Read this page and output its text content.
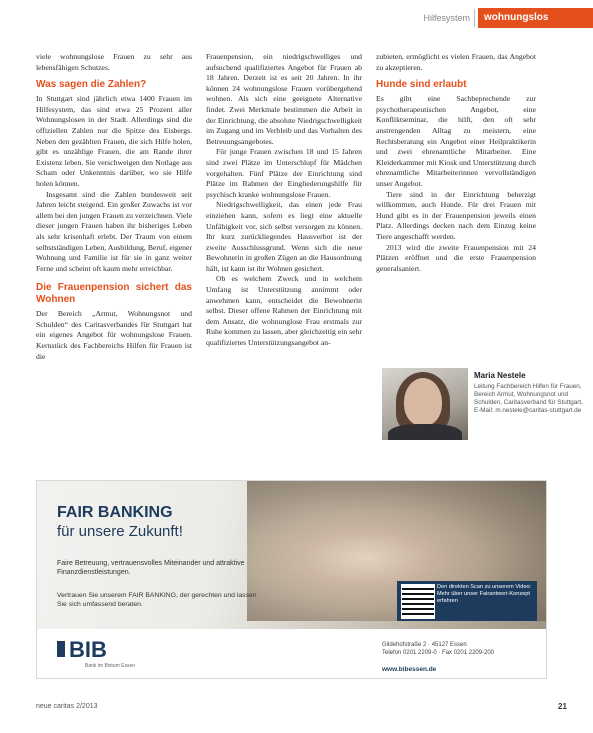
Hilfesystem	wohnungslos

viele wohnungslose Frauen zu sehr aus lebensfähigen Schutzes.

Was sagen die Zahlen?

In Stuttgart sind jährlich etwa 1400 Frauen im Hilfesystem, das sind etwa 25 Prozent aller Wohnungslosen in der Stadt. Allerdings sind die offiziellen Zahlen nur die Spitze des Eisbergs. Neben den gezählten Frauen, die sich Hilfe holen, gibt es unzählige Frauen, die am Rande ihrer Existenz leben. Sie verschweigen den Notlage aus Scham oder Unkenntnis darüber, wo sie Hilfe holen können.

Insgesamt sind die Zahlen bundesweit seit Jahren leicht steigend. Ein großer Zuwachs ist vor allem bei den jungen Frauen zu verzeichnen. Viele dieser jungen Frauen haben ihr bisheriges Leben als sehr krisenhaft erlebt. Der Traum von einem selbstständigen Leben, Ausbildung, Beruf, eigener Wohnung und Familie ist für sie in ganz weiter Ferne und scheint oft kaum mehr erreichbar.

Die Frauenpension sichert das Wohnen

Der Bereich „Armut, Wohnungsnot und Schulden“ des Caritasverbandes für Stuttgart hat ein eigenes Angebot für wohnungslose Frauen. Kernstück des Fachbereichs Hilfen für Frauen ist die

Frauenpension, ein niedrigschwelliges und aufsuchend qualifiziertes Angebot für Frauen ab 18 Jahren. Derzeit ist es seit 20 Jahren. In ihr können 24 wohnungslose Frauen vorübergehend wohnen. Als sich eine geeignete Alternative findet. Zwei Merkmale bestimmen die Arbeit in der Einrichtung, die absolute Niedrigschwelligkeit im Zugang und im Verbleib und das Vorhalten des Betreuungsangebotes.

Für junge Frauen zwischen 18 und 15 Jahren sind zwei Plätze im Unterschlupf für Mädchen vorgehalten. Fünf Plätze der Einrichtung sind Plätze im Rahmen der Eingliederungshilfe für psychisch kranke wohnungslose Frauen.

Niedrigschwelligkeit, das einen jede Frau einziehen kann, sofern es liegt eine aktuelle Unfähigkeit vor, sich selbst versorgen zu können. Ihr kurz zurückliegendes Hausverbot ist der zweite Ausschlussgrund. Wenn sich die neue Bewohnerin in großen Zügen an die Hausordnung hält, ist kann ist ihr Wohnen gesichert.

Ob es welchem Zweck und in welchem Umfang ist Unterstützung annimmt oder anwehmen kann, entscheidet die Bewohnerin selbst. Dieser offene Rahmen der Einrichtung mit dem Ansatz, die wohnunglose Frau erstmals zur Ruhe kommen zu lassen, aber gleichzeitig ein sehr qualifiziertes Unterstützungsangebot an-

zubieten, ermöglicht es vielen Frauen, das Angebot zu akzeptieren.

Hunde sind erlaubt

Es gibt eine Sachbeprechende zur psychotherapeutischen Angebot, eine Konfliktseminar, die hilft, den oft sehr anstrengenden Alltag zu meistern, eine Rechtsberatung ein Angebot einer Heilpraktikerin und zwei ehrenamtliche Mitarbeiter. Eine Kleiderkammer mit Kiosk und Unterstützung durch ehrenamtliche Mitarbeiterinnen vervollständigen unser Angebot.

Tiere sind in der Einrichtung beherzigt willkommen, auch Hunde. Für drei Frauen mit Hund gibt es in der Frauenpension jeweils einen Platz. Allerdings decken nach dem Einzug keine Tiere angeschafft werden.

2013 wird die zweite Frauenpension mit 24 Plätzen eröffnet und die erste Frauenpension generalsaniert.

Maria Nestele
Leitung Fachbereich Hilfen für Frauen, Bereich Armut, Wohnungsnot und Schulden, Caritasverband für Stuttgart, E-Mail: m.nestele@caritas-stuttgart.de
FAIR BANKING
für unsere Zukunft!
Faire Betreuung, vertrauensvolles Miteinander und attraktive Finanzdienstleistungen.
Vertrauen Sie unserem FAIR BANKING, der gerechten und lassen Sie sich umfassend beraten.
Den direkten Scan zu unserem Video: Mehr über unser Fairantwort-Konzept erfahren
BIB
Bank im Bistum Essen
Gildehofstraße 2 · 45127 Essen
Telefon 0201 2209-0 · Fax 0201 2209-200
www.bibessen.de
neue caritas 2/2013	21
